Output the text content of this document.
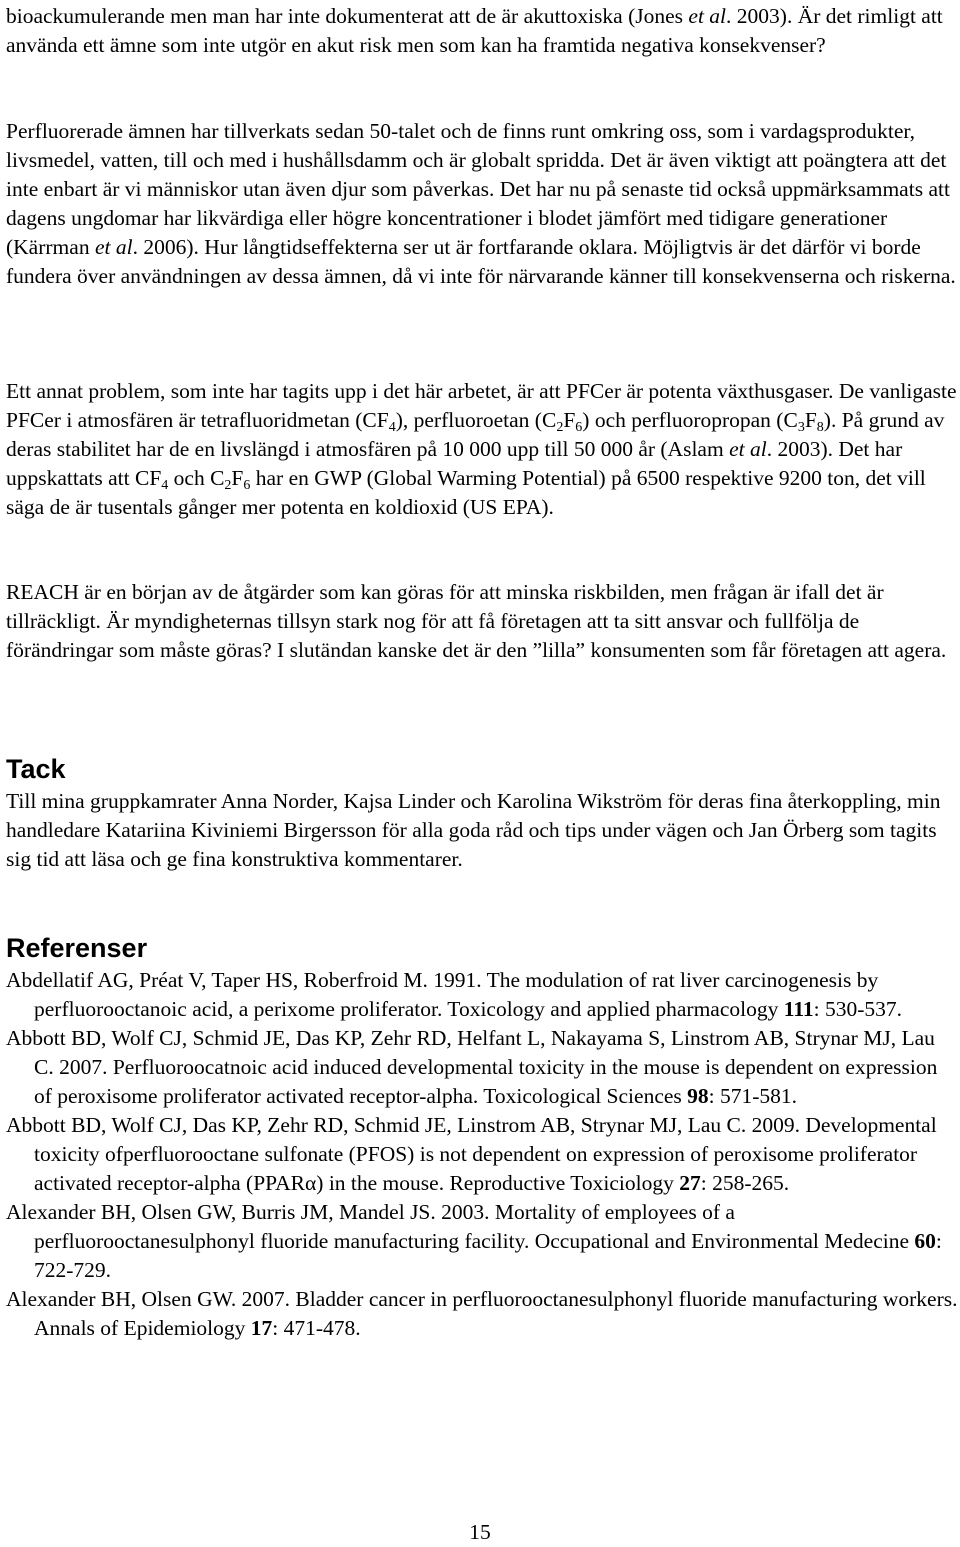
bioackumulerande men man har inte dokumenterat att de är akuttoxiska (Jones et al. 2003). Är det rimligt att använda ett ämne som inte utgör en akut risk men som kan ha framtida negativa konsekvenser?

Perfluorerade ämnen har tillverkats sedan 50-talet och de finns runt omkring oss, som i vardagsprodukter, livsmedel, vatten, till och med i hushållsdamm och är globalt spridda. Det är även viktigt att poängtera att det inte enbart är vi människor utan även djur som påverkas. Det har nu på senaste tid också uppmärksammats att dagens ungdomar har likvärdiga eller högre koncentrationer i blodet jämfört med tidigare generationer (Kärrman et al. 2006). Hur långtidseffekterna ser ut är fortfarande oklara. Möjligtvis är det därför vi borde fundera över användningen av dessa ämnen, då vi inte för närvarande känner till konsekvenserna och riskerna.

Ett annat problem, som inte har tagits upp i det här arbetet, är att PFCer är potenta växthusgaser. De vanligaste PFCer i atmosfären är tetrafluoridmetan $(CF_4)$, perfluoroetan $(C_2F_6)$ och perfluoropropan $(C_3F_8)$. På grund av deras stabilitet har de en livslängd i atmosfären på 10 000 upp till 50 000 år (Aslam et al. 2003). Det har uppskattats att $CF_4$ och $C_2F_6$ har en GWP (Global Warming Potential) på 6500 respektive 9200 ton, det vill säga de är tusentals gånger mer potenta en koldioxid (US EPA).

REACH är en början av de åtgärder som kan göras för att minska riskbilden, men frågan är ifall det är tillräckligt. Är myndigheternas tillsyn stark nog för att få företagen att ta sitt ansvar och fullfölja de förändringar som måste göras? I slutändan kanske det är den ”lilla” konsumenten som får företagen att agera.

Tack

Till mina gruppkamrater Anna Norder, Kajsa Linder och Karolina Wikström för deras fina återkoppling, min handledare Katariina Kiviniemi Birgersson för alla goda råd och tips under vägen och Jan Örberg som tagits sig tid att läsa och ge fina konstruktiva kommentarer.

Referenser

Abdellatif AG, Préat V, Taper HS, Roberfroid M. 1991. The modulation of rat liver carcinogenesis by perfluorooctanoic acid, a perixome proliferator. Toxicology and applied pharmacology 111: 530-537.

Abbott BD, Wolf CJ, Schmid JE, Das KP, Zehr RD, Helfant L, Nakayama S, Linstrom AB, Strynar MJ, Lau C. 2007. Perfluoroocatnoic acid induced developmental toxicity in the mouse is dependent on expression of peroxisome proliferator activated receptor-alpha. Toxicological Sciences 98: 571-581.

Abbott BD, Wolf CJ, Das KP, Zehr RD, Schmid JE, Linstrom AB, Strynar MJ, Lau C. 2009. Developmental toxicity ofperfluorooctane sulfonate (PFOS) is not dependent on expression of peroxisome proliferator activated receptor-alpha (PPARα) in the mouse. Reproductive Toxiciology 27: 258-265.

Alexander BH, Olsen GW, Burris JM, Mandel JS. 2003. Mortality of employees of a perfluorooctanesulphonyl fluoride manufacturing facility. Occupational and Environmental Medecine 60: 722-729.

Alexander BH, Olsen GW. 2007. Bladder cancer in perfluorooctanesulphonyl fluoride manufacturing workers. Annals of Epidemiology 17: 471-478.

15
